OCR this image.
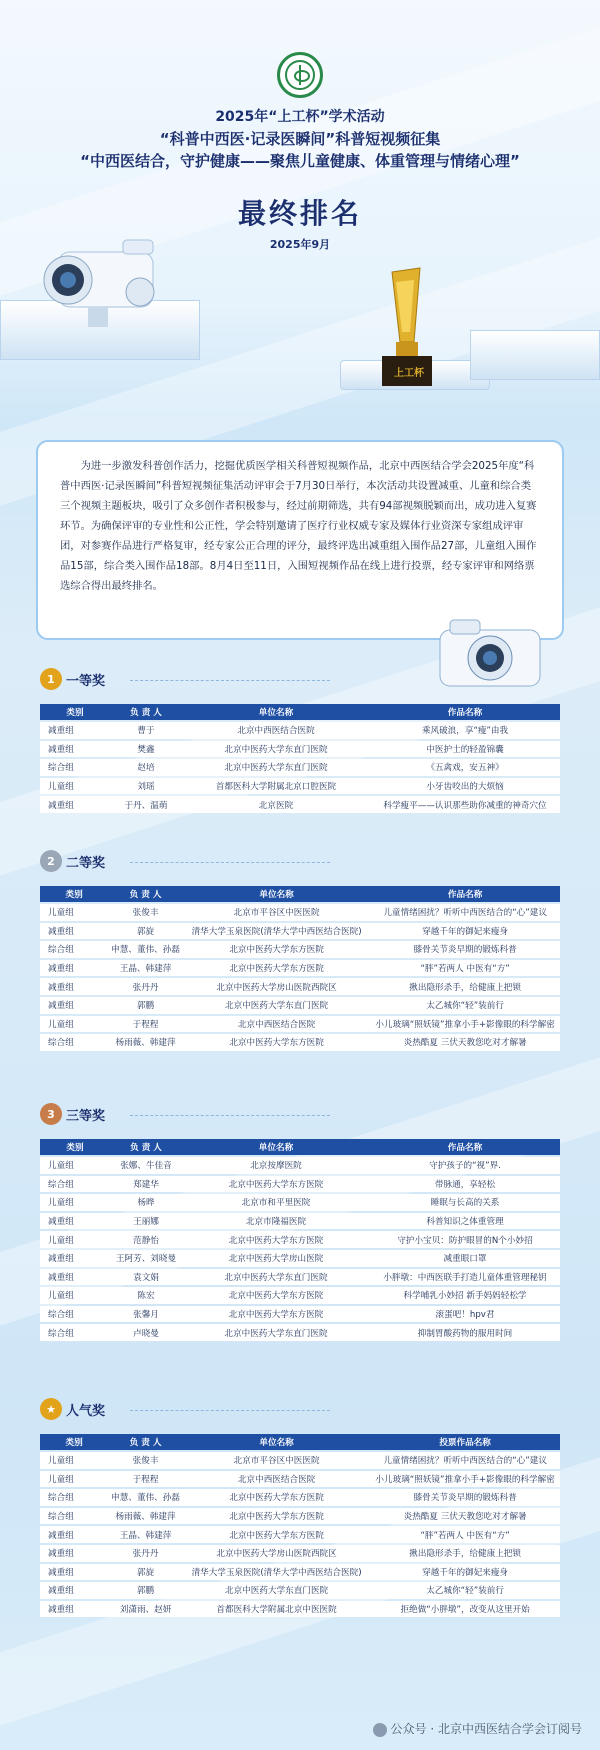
2025年“上工杯”学术活动
“科普中西医·记录医瞬间”科普短视频征集
“中西医结合，守护健康——聚焦儿童健康、体重管理与情绪心理”
最终排名
2025年9月
上工杯
为进一步激发科普创作活力，挖掘优质医学相关科普短视频作品，北京中西医结合学会2025年度“科普中西医·记录医瞬间”科普短视频征集活动评审会于7月30日举行，本次活动共设置减重、儿童和综合类三个视频主题板块，吸引了众多创作者积极参与，经过前期筛选，共有94部视频脱颖而出，成功进入复赛环节。为确保评审的专业性和公正性，学会特别邀请了医疗行业权威专家及媒体行业资深专家组成评审团，对参赛作品进行严格复审，经专家公正合理的评分，最终评选出减重组入围作品27部，儿童组入围作品15部，综合类入围作品18部。8月4日至11日，入围短视频作品在线上进行投票，经专家评审和网络票选综合得出最终排名。
1 一等奖
类别	负 责 人	单位名称	作品名称
减重组	曹于	北京中西医结合医院	乘风破浪，享“瘦”由我
减重组	樊鑫	北京中医药大学东直门医院	中医护士的轻盈锦囊
综合组	赵培	北京中医药大学东直门医院	《五禽戏，安五神》
儿童组	刘瑶	首都医科大学附属北京口腔医院	小牙齿咬出的大烦恼
减重组	于丹、温萌	北京医院	科学瘦平——认识那些助你减重的神奇穴位
2 二等奖
类别	负 责 人	单位名称	作品名称
儿童组	张俊丰	北京市平谷区中医医院	儿童情绪困扰？听听中西医结合的“心”建议
减重组	郭旋	清华大学玉泉医院(清华大学中西医结合医院)	穿越千年的御妃来瘦身
综合组	申慧、董伟、孙磊	北京中医药大学东方医院	膝骨关节炎早期的锻炼科普
减重组	王晶、韩建萍	北京中医药大学东方医院	“胖”若两人 中医有“方”
减重组	张丹丹	北京中医药大学房山医院西院区	揪出隐形杀手，给健康上把锁
减重组	郭鹏	北京中医药大学东直门医院	太乙城你“轻”装前行
儿童组	于程程	北京中西医结合医院	小儿玻璃“照妖镜”推拿小手+影像眼的科学解密
综合组	杨雨薇、韩建萍	北京中医药大学东方医院	炎热酷夏 三伏天教您吃对才解暑
3 三等奖
类别	负 责 人	单位名称	作品名称
儿童组	张娜、牛佳音	北京按摩医院	守护孩子的“视”界.
综合组	郑建华	北京中医药大学东方医院	带脉通，享轻松
儿童组	杨晔	北京市和平里医院	睡眠与长高的关系
减重组	王丽娜	北京市隆福医院	科普知识之体重管理
儿童组	范静怡	北京中医药大学东方医院	守护小宝贝：防护眼冒的N个小妙招
减重组	王阿芳、刘晓曼	北京中医药大学房山医院	减重眼口罩
减重组	袁文娟	北京中医药大学东直门医院	小胖墩：中西医联手打造儿童体重管理秘钥
儿童组	陈宏	北京中医药大学东方医院	科学哺乳小妙招 新手妈妈轻松学
综合组	张馨月	北京中医药大学东方医院	滚蛋吧！hpv君
综合组	卢晓曼	北京中医药大学东直门医院	抑制胃酸药物的服用时间
★ 人气奖
类别	负 责 人	单位名称	投票作品名称
儿童组	张俊丰	北京市平谷区中医医院	儿童情绪困扰？听听中西医结合的“心”建议
儿童组	于程程	北京中西医结合医院	小儿玻璃“照妖镜”推拿小手+影像眼的科学解密
综合组	申慧、董伟、孙磊	北京中医药大学东方医院	膝骨关节炎早期的锻炼科普
综合组	杨雨薇、韩建萍	北京中医药大学东方医院	炎热酷夏 三伏天教您吃对才解暑
减重组	王晶、韩建萍	北京中医药大学东方医院	“胖”若两人 中医有“方”
减重组	张丹丹	北京中医药大学房山医院西院区	揪出隐形杀手，给健康上把锁
减重组	郭旋	清华大学玉泉医院(清华大学中西医结合医院)	穿越千年的御妃来瘦身
减重组	郭鹏	北京中医药大学东直门医院	太乙城你“轻”装前行
减重组	刘潇雨、赵妍	首都医科大学附属北京中医医院	拒绝做“小胖墩”，改变从这里开始
公众号 · 北京中西医结合学会订阅号
